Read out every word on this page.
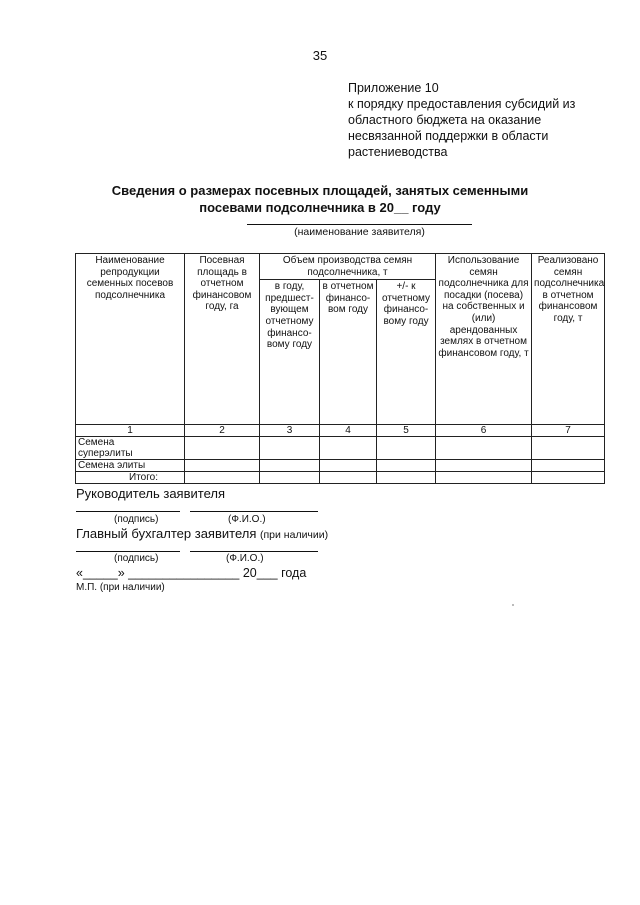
35
Приложение 10
к порядку предоставления субсидий из
областного бюджета на оказание
несвязанной поддержки в области
растениеводства
Сведения о размерах посевных площадей, занятых семенными
посевами подсолнечника в 20__ году
(наименование заявителя)
Наименование репродукции семенных посевов подсолнечника	Посевная площадь в отчетном финансовом году, га	Объем производства семян подсолнечника, т			Использование семян подсолнечника для посадки (посева) на собственных и (или) арендованных землях в отчетном финансовом году, т	Реализовано семян подсолнечника в отчетном финансовом году, т
		в году, предшест-вующем отчетному финансо-вому году	в отчетном финансо-вом году	+/- к отчетному финансо-вому году		
1	2	3	4	5	6	7

Семена суперэлиты						

Семена элиты						
Итого:						
Руководитель заявителя
(подпись)	(Ф.И.О.)
Главный бухгалтер заявителя (при наличии)
(подпись)	(Ф.И.О.)
«_____» ________________ 20___ года
М.П. (при наличии)
